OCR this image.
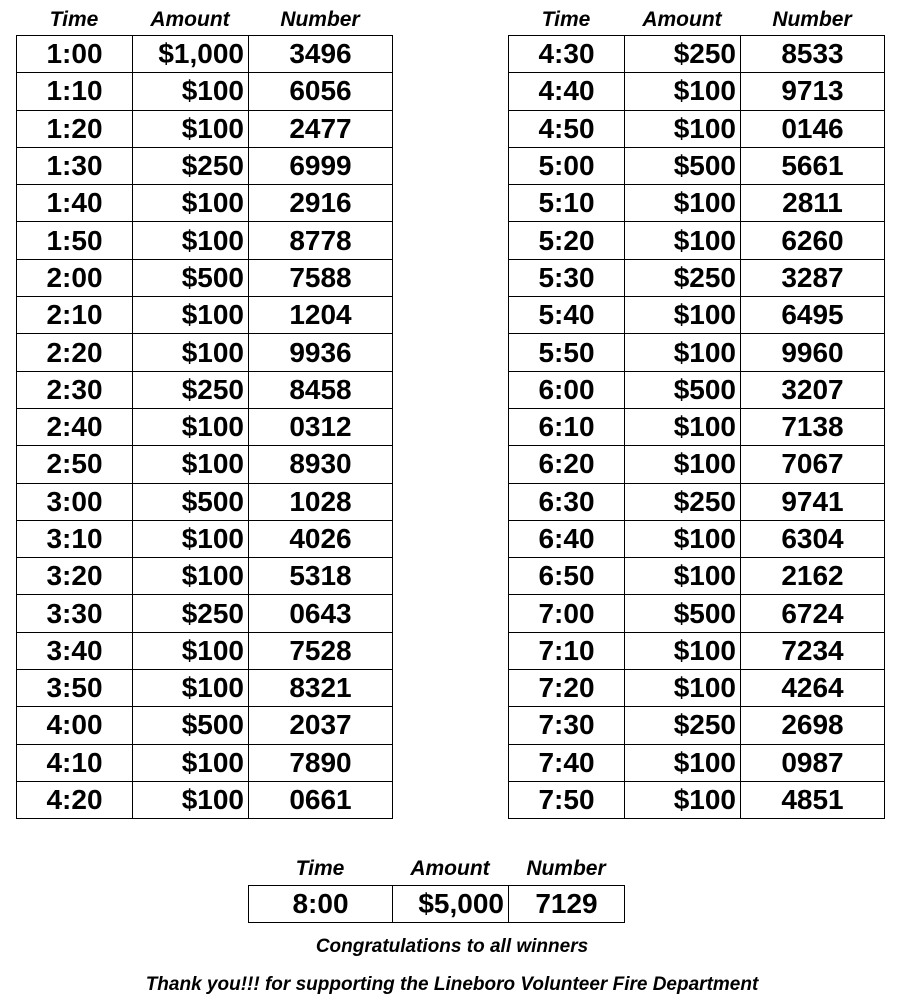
Time	Amount	Number	Time	Amount	Number
1:00	$1,000	3496
1:10	$100	6056
1:20	$100	2477
1:30	$250	6999
1:40	$100	2916
1:50	$100	8778
2:00	$500	7588
2:10	$100	1204
2:20	$100	9936
2:30	$250	8458
2:40	$100	0312
2:50	$100	8930
3:00	$500	1028
3:10	$100	4026
3:20	$100	5318
3:30	$250	0643
3:40	$100	7528
3:50	$100	8321
4:00	$500	2037
4:10	$100	7890
4:20	$100	0661
4:30	$250	8533
4:40	$100	9713
4:50	$100	0146
5:00	$500	5661
5:10	$100	2811
5:20	$100	6260
5:30	$250	3287
5:40	$100	6495
5:50	$100	9960
6:00	$500	3207
6:10	$100	7138
6:20	$100	7067
6:30	$250	9741
6:40	$100	6304
6:50	$100	2162
7:00	$500	6724
7:10	$100	7234
7:20	$100	4264
7:30	$250	2698
7:40	$100	0987
7:50	$100	4851
Time	Amount	Number
8:00	$5,000	7129
Congratulations to all winners
Thank you!!! for supporting the Lineboro Volunteer Fire Department
